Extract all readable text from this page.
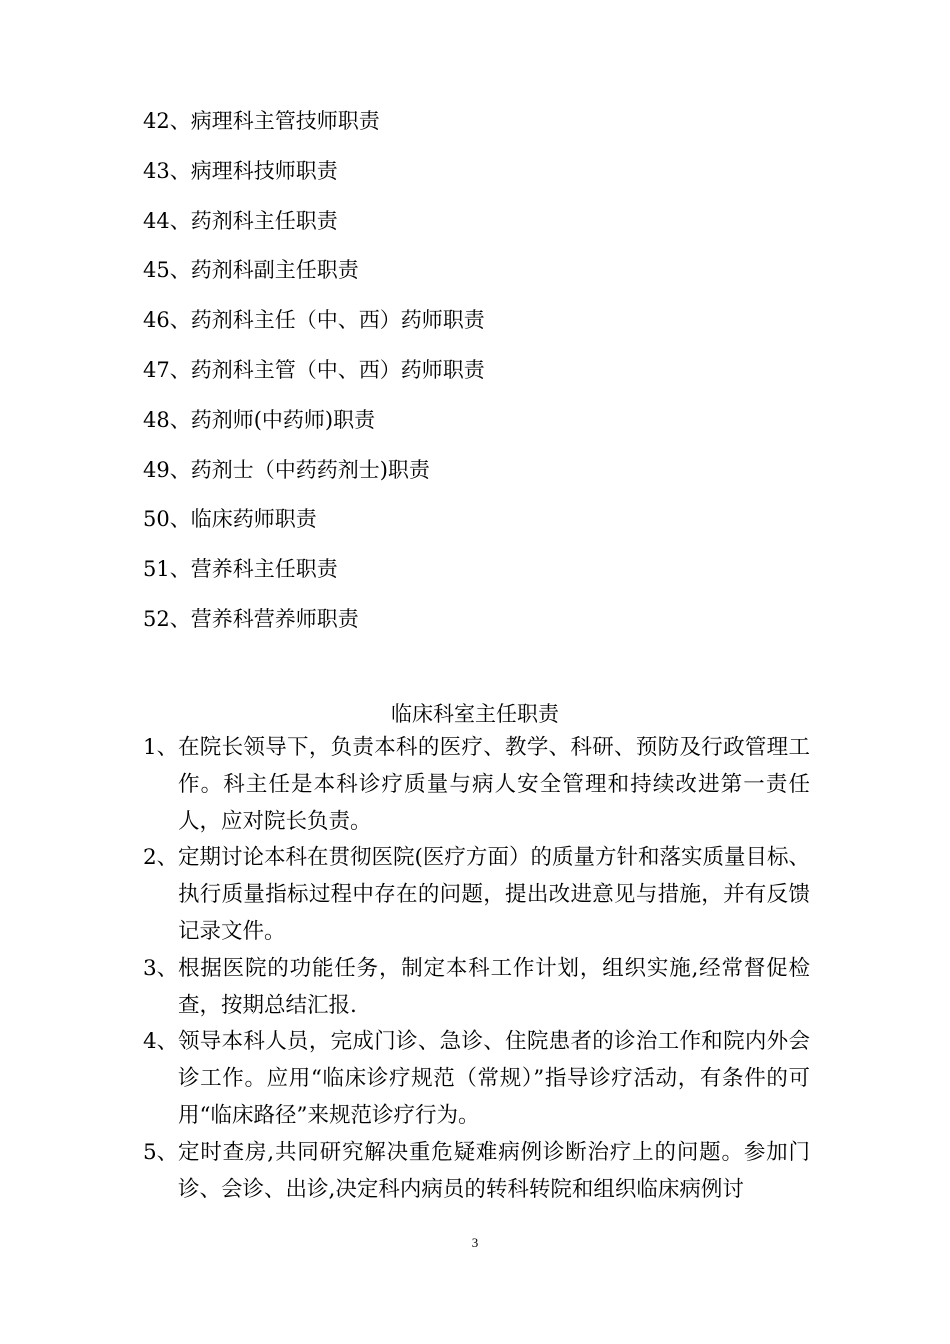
42、病理科主管技师职责
43、病理科技师职责
44、药剂科主任职责
45、药剂科副主任职责
46、药剂科主任（中、西）药师职责
47、药剂科主管（中、西）药师职责
48、药剂师(中药师)职责
49、药剂士（中药药剂士)职责
50、临床药师职责
51、营养科主任职责
52、营养科营养师职责
临床科室主任职责
1、 在院长领导下，负责本科的医疗、教学、科研、预防及行政管理工作。科主任是本科诊疗质量与病人安全管理和持续改进第一责任人，应对院长负责。
2、 定期讨论本科在贯彻医院(医疗方面）的质量方针和落实质量目标、执行质量指标过程中存在的问题，提出改进意见与措施，并有反馈记录文件。
3、 根据医院的功能任务，制定本科工作计划，组织实施,经常督促检查，按期总结汇报.
4、 领导本科人员，完成门诊、急诊、住院患者的诊治工作和院内外会诊工作。应用“临床诊疗规范（常规）”指导诊疗活动，有条件的可用“临床路径”来规范诊疗行为。
5、 定时查房,共同研究解决重危疑难病例诊断治疗上的问题。参加门诊、会诊、出诊,决定科内病员的转科转院和组织临床病例讨
3
